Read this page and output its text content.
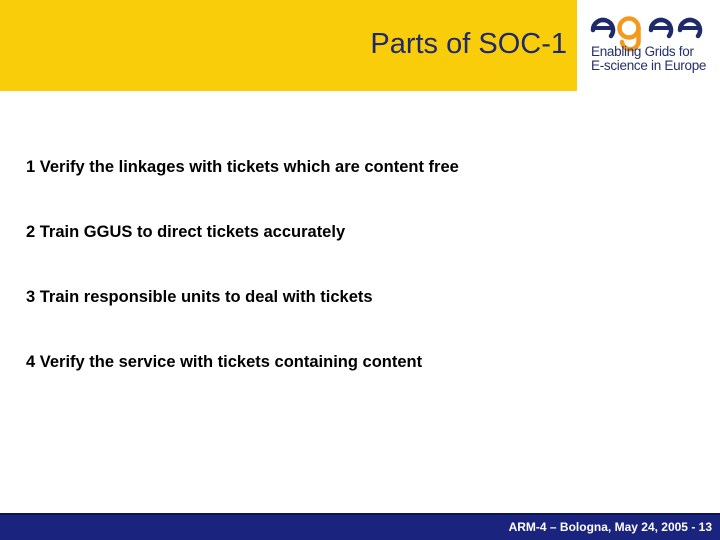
Parts of SOC-1 Enabling Grids for
E-science in Europe

1 Verify the linkages with tickets which are content free

2 Train GGUS to direct tickets accurately

3 Train responsible units to deal with tickets

4 Verify the service with tickets containing content

ARM-4 – Bologna, May 24, 2005 - 13
